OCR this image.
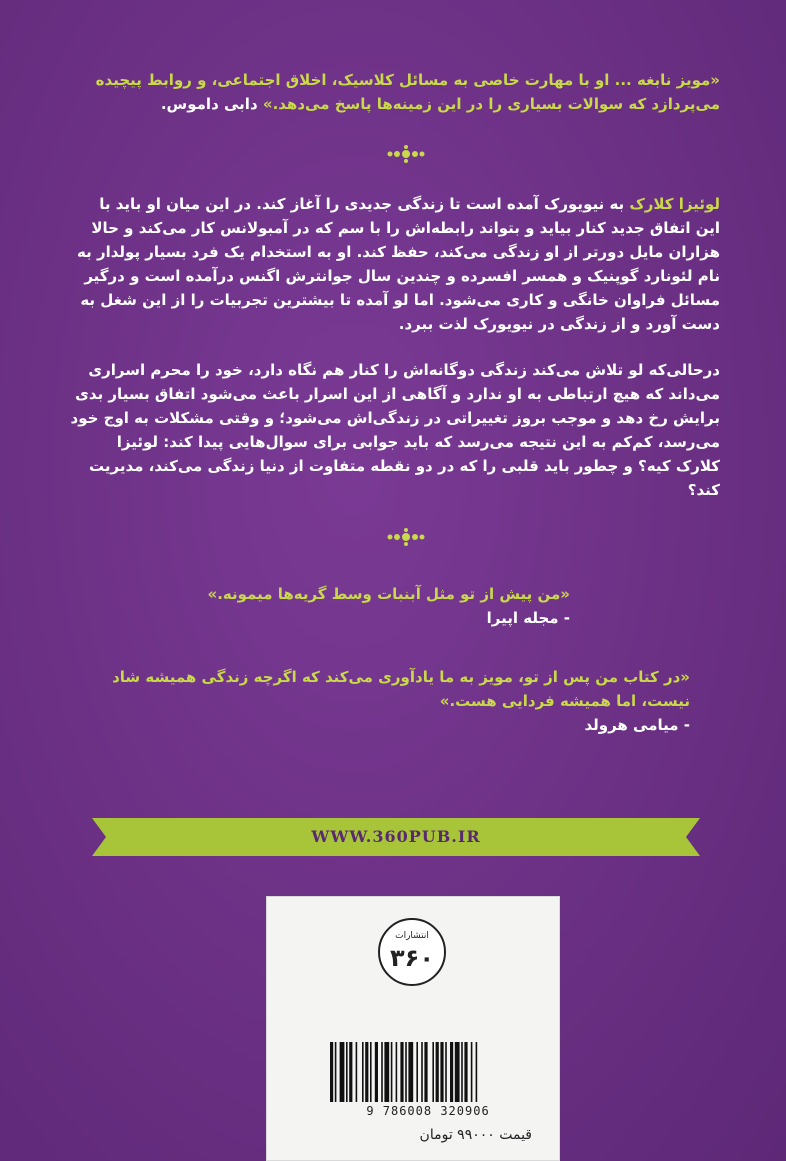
«مویز نابغه ... او با مهارت خاصی به مسائل کلاسیک، اخلاق اجتماعی، و روابط پیچیده می‌پردازد که سوالات بسیاری را در این زمینه‌ها پاسخ می‌دهد.» دابی داموس.
لوئیزا کلارک به نیویورک آمده است تا زندگی جدیدی را آغاز کند. در این میان او باید با این اتفاق جدید کنار بیاید و بتواند رابطه‌اش را با سم که در آمبولانس کار می‌کند و حالا هزاران مایل دورتر از او زندگی می‌کند، حفظ کند. او به استخدام یک فرد بسیار پولدار به نام لئونارد گوپنیک و همسر افسرده و چندین سال جوانترش اگنس درآمده است و درگیر مسائل فراوان خانگی و کاری می‌شود. اما لو آمده تا بیشترین تجربیات را از این شغل به دست آورد و از زندگی در نیویورک لذت ببرد.
درحالی‌که لو تلاش می‌کند زندگی دوگانه‌اش را کنار هم نگاه دارد، خود را محرم اسراری می‌داند که هیچ ارتباطی به او ندارد و آگاهی از این اسرار باعث می‌شود اتفاق بسیار بدی برایش رخ دهد و موجب بروز تغییراتی در زندگی‌اش می‌شود؛ و وقتی مشکلات به اوج خود می‌رسد، کم‌کم به این نتیجه می‌رسد که باید جوابی برای سوال‌هایی پیدا کند: لوئیزا کلارک کیه؟ و چطور باید قلبی را که در دو نقطه متفاوت از دنیا زندگی می‌کند، مدیریت کند؟
«من پیش از تو مثل آبنبات وسط گریه‌ها میمونه.»
- مجله اپیرا
«در کتاب من پس از تو، مویز به ما یادآوری می‌کند که اگرچه زندگی همیشه شاد نیست، اما همیشه فردایی هست.»
- میامی هرولد
WWW.360PUB.IR
انتشارات
۳۶۰
9 786008 320906
قیمت ۹۹۰۰۰ تومان
